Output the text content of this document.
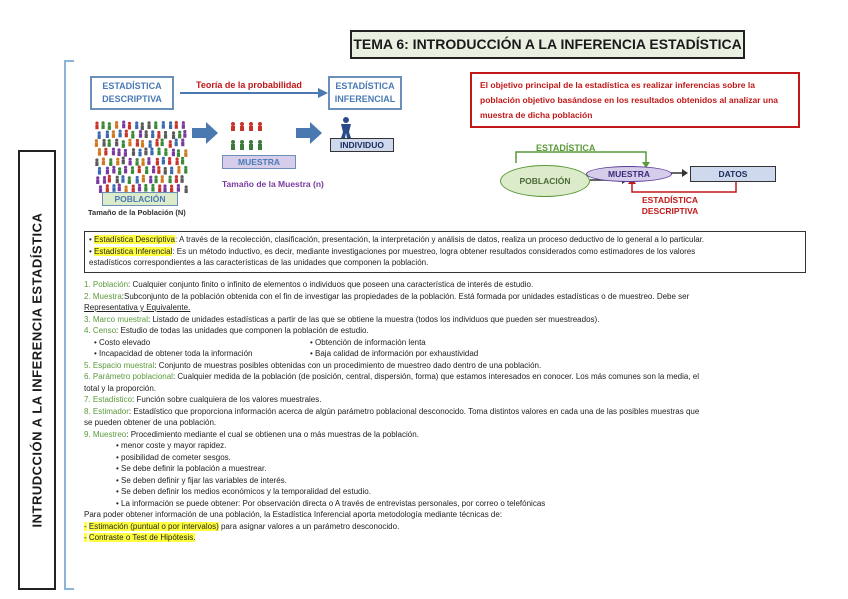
TEMA 6: INTRODUCCIÓN A LA INFERENCIA ESTADÍSTICA
INTRUDCCIÓN A LA INFERENCIA ESTADÍSTICA
ESTADÍSTICA DESCRIPTIVA
Teoría de la probabilidad	ESTADÍSTICA INFERENCIAL
POBLACIÓN
Tamaño de la Población (N)
MUESTRA
Tamaño de la Muestra (n)
INDIVIDUO
El objetivo principal de la estadística es realizar inferencias sobre la población objetivo basándose en los resultados obtenidos al analizar una muestra de dicha población
ESTADÍSTICA
POBLACIÓN
MUESTRA	DATOS
ESTADÍSTICA
DESCRIPTIVA
• Estadística Descriptiva: A través de la recolección, clasificación, presentación, la interpretación y análisis de datos, realiza un proceso deductivo de lo general a lo particular.
• Estadística Inferencial: Es un método inductivo, es decir, mediante investigaciones por muestreo, logra obtener resultados considerados como estimadores de los valores
estadísticos correspondientes a las características de las unidades que componen la población.
1. Población: Cualquier conjunto finito o infinito de elementos o individuos que poseen una característica de interés de estudio.
2. Muestra:Subconjunto de la población obtenida con el fin de investigar las propiedades de la población. Está formada por unidades estadísticas o de muestreo. Debe ser
Representativa y Equivalente.
3. Marco muestral: Listado de unidades estadísticas a partir de las que se obtiene la muestra (todos los individuos que pueden ser muestreados).
4. Censo: Estudio de todas las unidades que componen la población de estudio.
• Costo elevado	• Obtención de información lenta
• Incapacidad de obtener toda la información	• Baja calidad de información por exhaustividad
5. Espacio muestral: Conjunto de muestras posibles obtenidas con un procedimiento de muestreo dado dentro de una población.
6. Parámetro poblacional: Cualquier medida de la población (de posición, central, dispersión, forma) que estamos interesados en conocer. Los más comunes son la media, el
total y la proporción.
7. Estadístico: Función sobre cualquiera de los valores muestrales.
8. Estimador: Estadístico que proporciona información acerca de algún parámetro poblacional desconocido. Toma distintos valores en cada una de las posibles muestras que
se pueden obtener de una población.
9. Muestreo: Procedimiento mediante el cual se obtienen una o más muestras de la población.
• menor coste y mayor rapidez.
• posibilidad de cometer sesgos.
• Se debe definir la población a muestrear.
• Se deben definir y fijar las variables de interés.
• Se deben definir los medios económicos y la temporalidad del estudio.
• La información se puede obtener: Por observación directa o A través de entrevistas personales, por correo o telefónicas
Para poder obtener información de una población, la Estadística Inferencial aporta metodología mediante técnicas de:
- Estimación (puntual o por intervalos) para asignar valores a un parámetro desconocido.
- Contraste o Test de Hipótesis.
